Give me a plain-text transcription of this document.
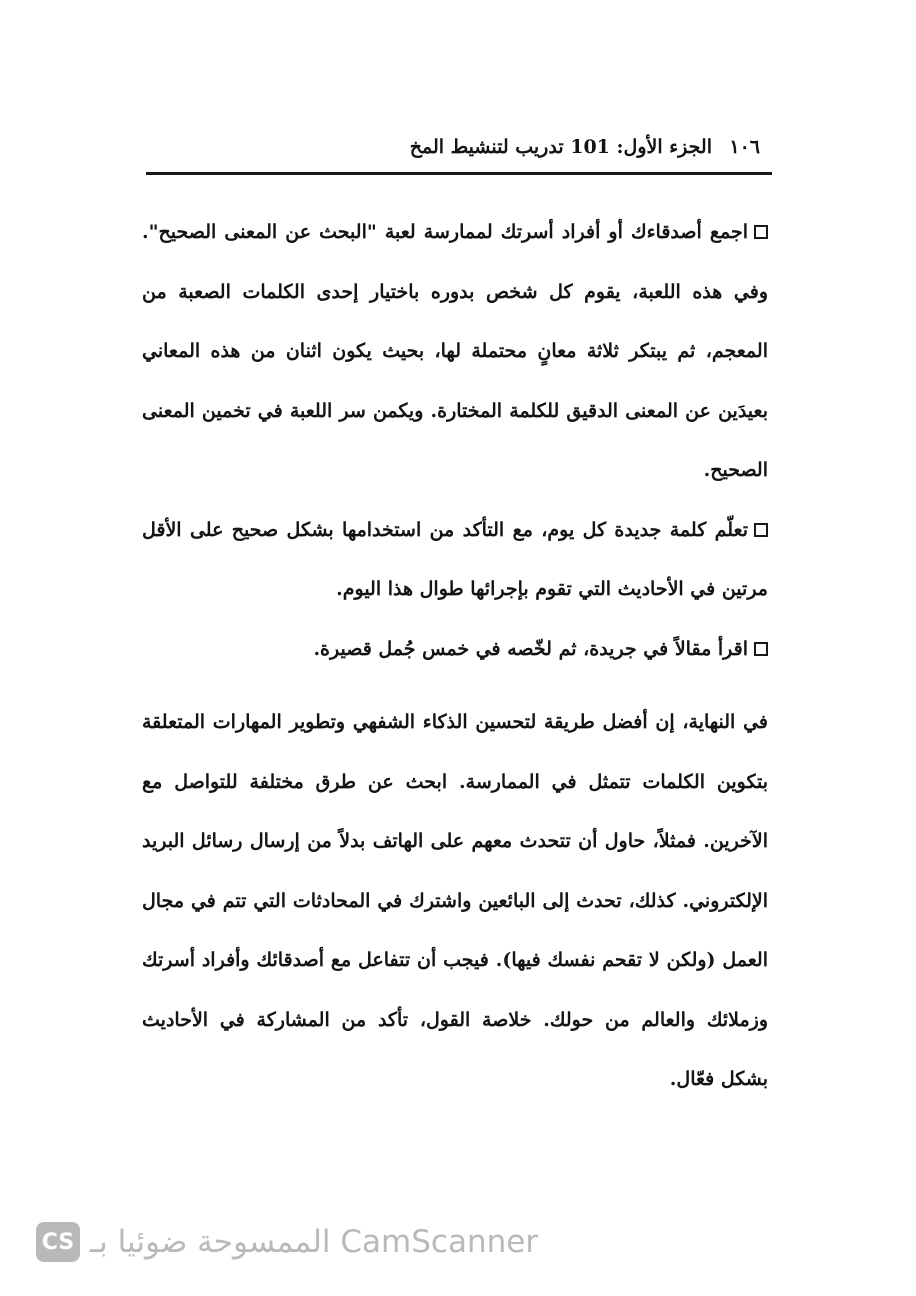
١٠٦
الجزء الأول: 101 تدريب لتنشيط المخ

اجمع أصدقاءك أو أفراد أسرتك لممارسة لعبة "البحث عن المعنى الصحيح". وفي هذه اللعبة، يقوم كل شخص بدوره باختيار إحدى الكلمات الصعبة من المعجم، ثم يبتكر ثلاثة معانٍ محتملة لها، بحيث يكون اثنان من هذه المعاني بعيدَين عن المعنى الدقيق للكلمة المختارة. ويكمن سر اللعبة في تخمين المعنى الصحيح.

تعلّم كلمة جديدة كل يوم، مع التأكد من استخدامها بشكل صحيح على الأقل مرتين في الأحاديث التي تقوم بإجرائها طوال هذا اليوم.

اقرأ مقالاً في جريدة، ثم لخّصه في خمس جُمل قصيرة.

في النهاية، إن أفضل طريقة لتحسين الذكاء الشفهي وتطوير المهارات المتعلقة بتكوين الكلمات تتمثل في الممارسة. ابحث عن طرق مختلفة للتواصل مع الآخرين. فمثلاً، حاول أن تتحدث معهم على الهاتف بدلاً من إرسال رسائل البريد الإلكتروني. كذلك، تحدث إلى البائعين واشترك في المحادثات التي تتم في مجال العمل (ولكن لا تقحم نفسك فيها). فيجب أن تتفاعل مع أصدقائك وأفراد أسرتك وزملائك والعالم من حولك. خلاصة القول، تأكد من المشاركة في الأحاديث بشكل فعّال.

CS الممسوحة ضوئيا بـ CamScanner
